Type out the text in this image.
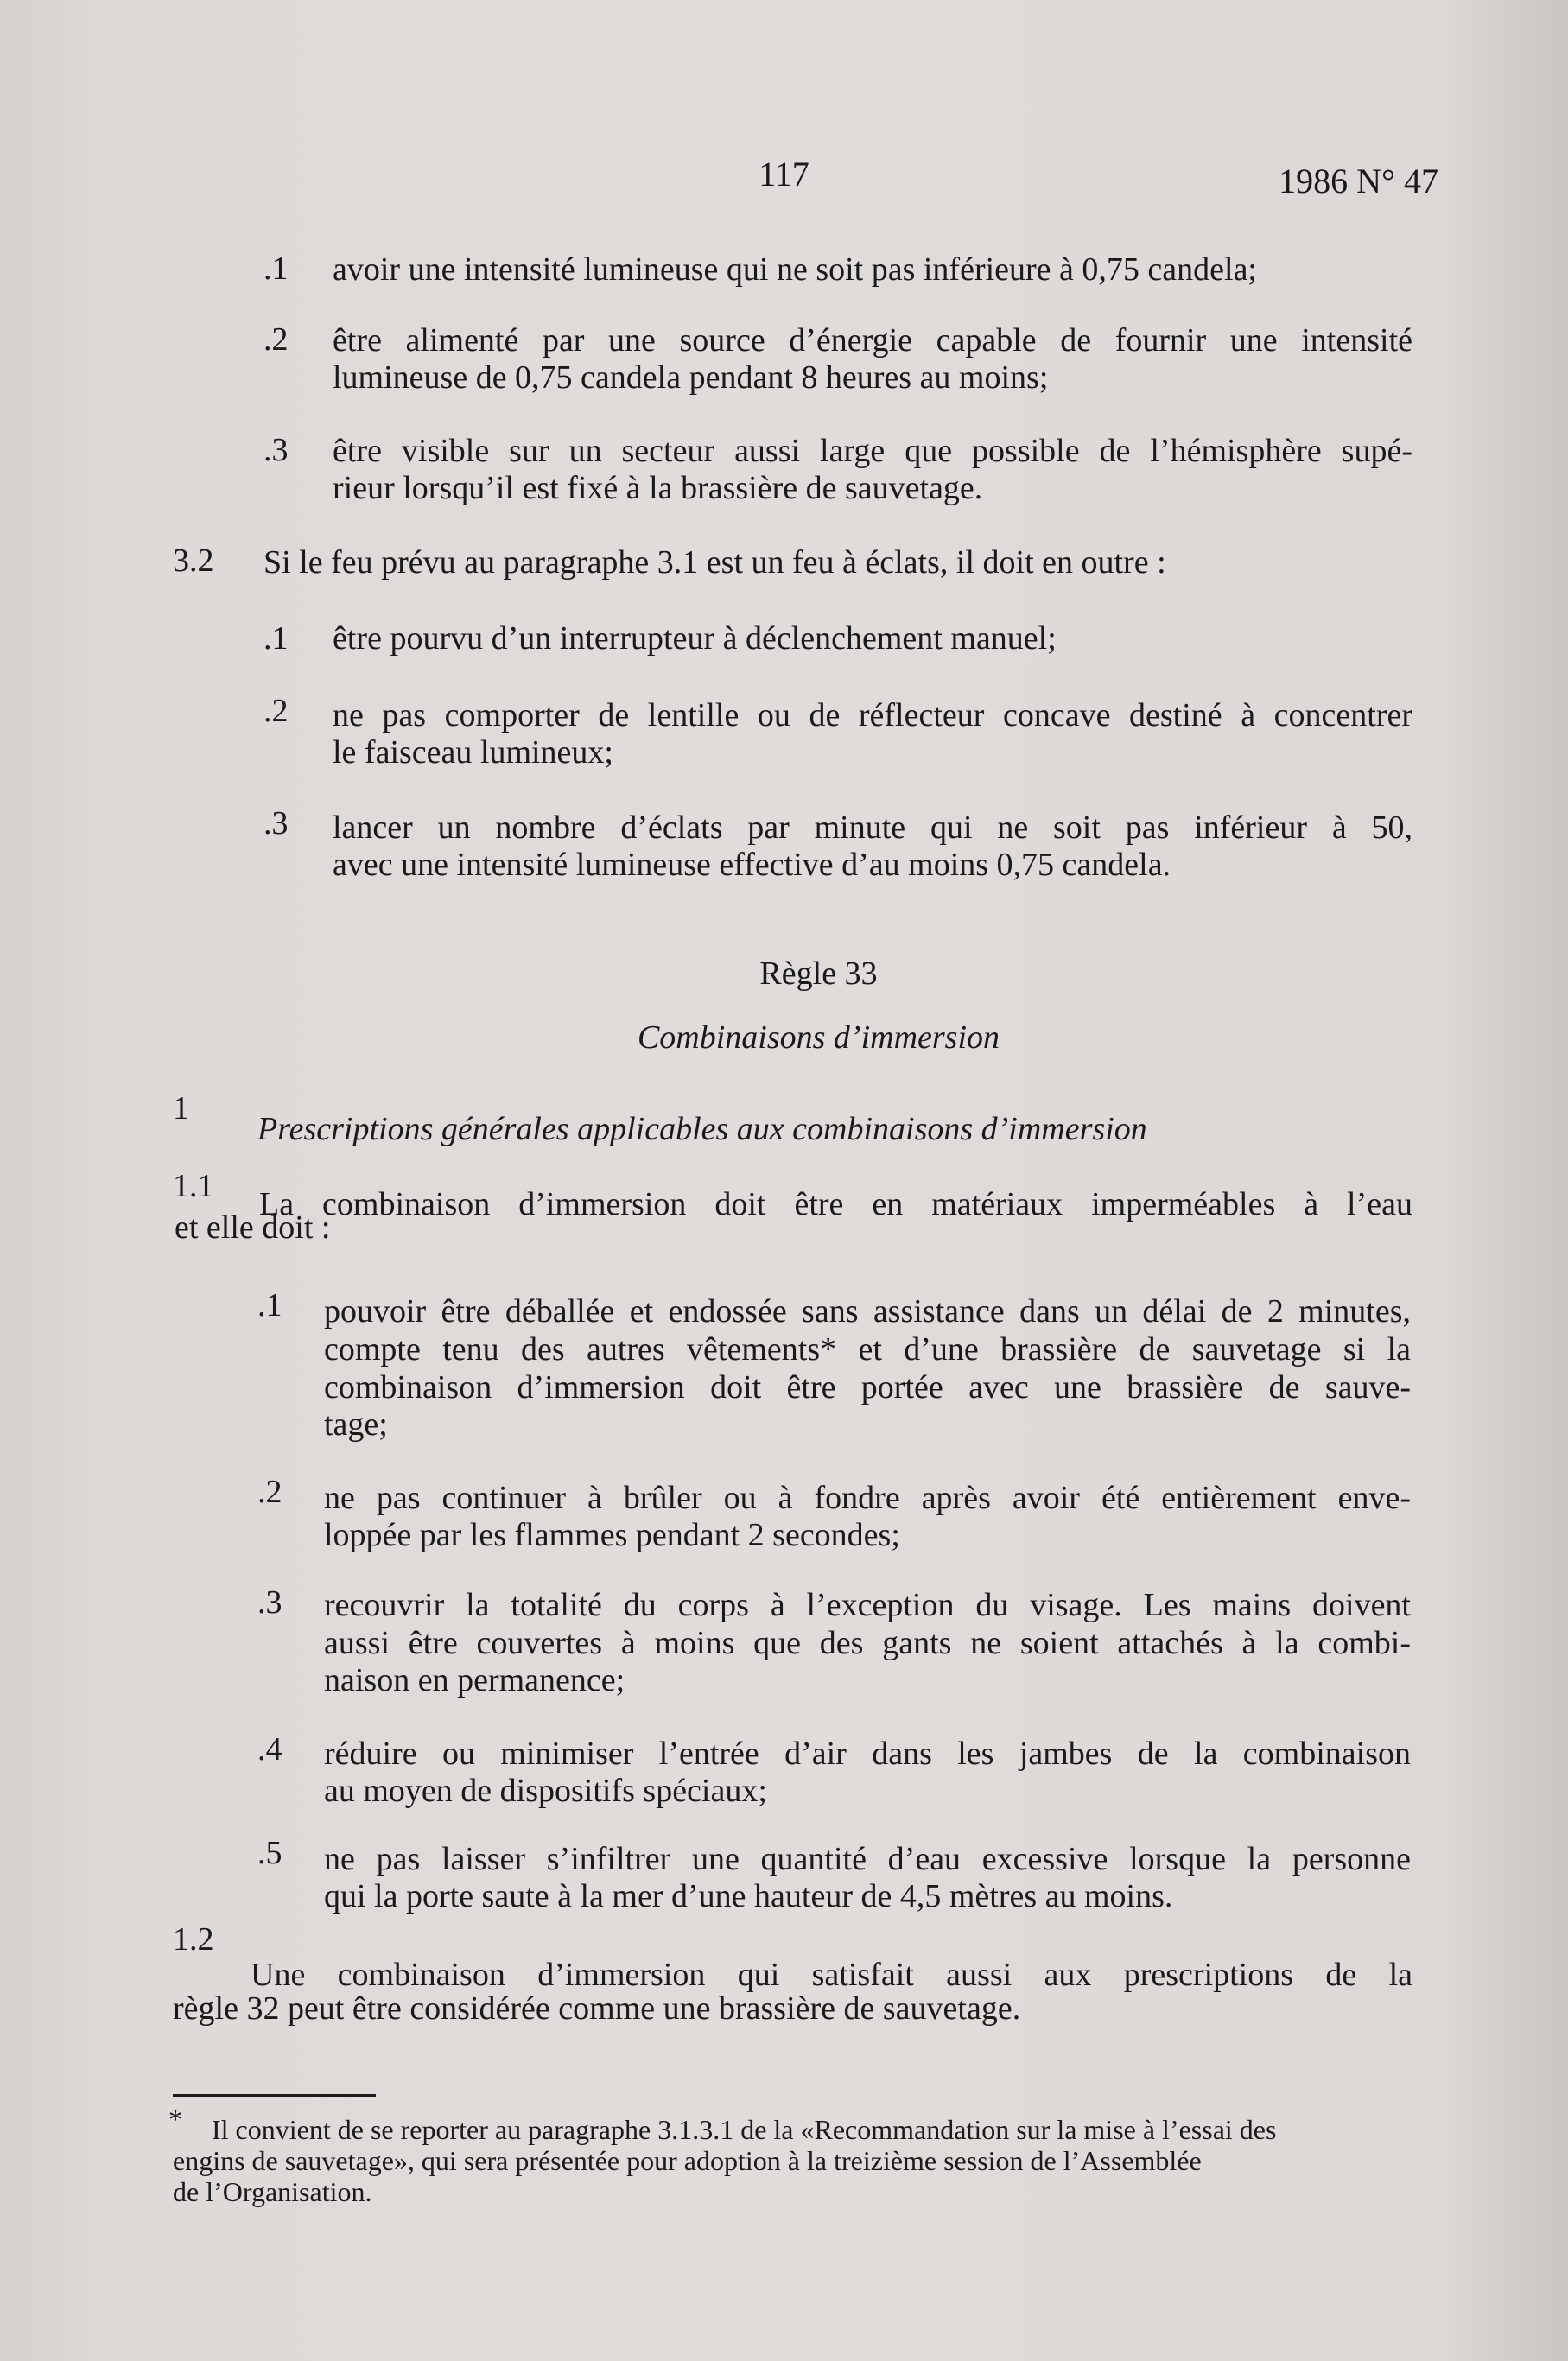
117	1986 N° 47
.1 avoir une intensité lumineuse qui ne soit pas inférieure à 0,75 candela;
.2 être alimenté par une source d’énergie capable de fournir une intensité
lumineuse de 0,75 candela pendant 8 heures au moins;
.3 être visible sur un secteur aussi large que possible de l’hémisphère supé-
rieur lorsqu’il est fixé à la brassière de sauvetage.
3.2 Si le feu prévu au paragraphe 3.1 est un feu à éclats, il doit en outre :
.1 être pourvu d’un interrupteur à déclenchement manuel;
.2 ne pas comporter de lentille ou de réflecteur concave destiné à concentrer
le faisceau lumineux;
.3 lancer un nombre d’éclats par minute qui ne soit pas inférieur à 50,
avec une intensité lumineuse effective d’au moins 0,75 candela.
Règle 33
Combinaisons d’immersion
1
Prescriptions générales applicables aux combinaisons d’immersion
1.1 La combinaison d’immersion doit être en matériaux imperméables à l’eau
et elle doit :
.1 pouvoir être déballée et endossée sans assistance dans un délai de 2 minutes,
compte tenu des autres vêtements* et d’une brassière de sauvetage si la
combinaison d’immersion doit être portée avec une brassière de sauve-
tage;
.2 ne pas continuer à brûler ou à fondre après avoir été entièrement enve-
loppée par les flammes pendant 2 secondes;
.3 recouvrir la totalité du corps à l’exception du visage. Les mains doivent
aussi être couvertes à moins que des gants ne soient attachés à la combi-
naison en permanence;
.4 réduire ou minimiser l’entrée d’air dans les jambes de la combinaison
au moyen de dispositifs spéciaux;
.5 ne pas laisser s’infiltrer une quantité d’eau excessive lorsque la personne
qui la porte saute à la mer d’une hauteur de 4,5 mètres au moins.
1.2
Une combinaison d’immersion qui satisfait aussi aux prescriptions de la
règle 32 peut être considérée comme une brassière de sauvetage.
* Il convient de se reporter au paragraphe 3.1.3.1 de la «Recommandation sur la mise à l’essai des
engins de sauvetage», qui sera présentée pour adoption à la treizième session de l’Assemblée
de l’Organisation.
